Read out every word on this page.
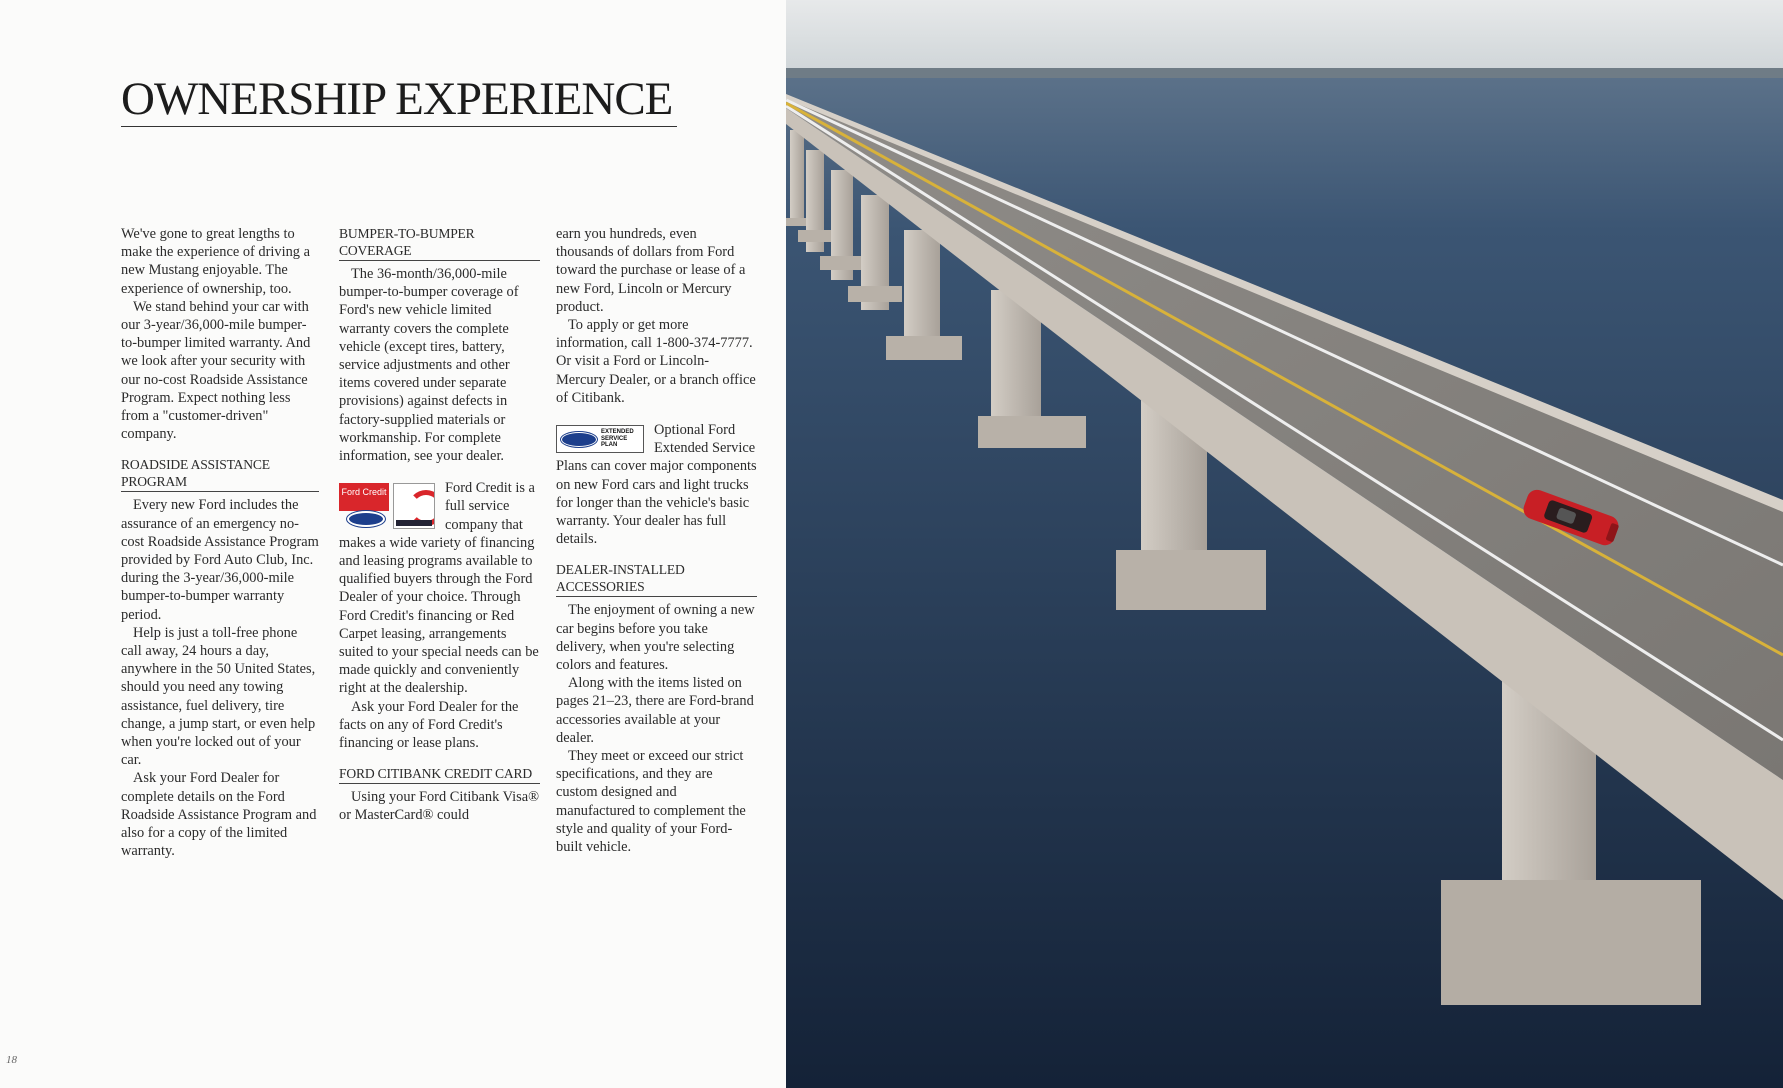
OWNERSHIP EXPERIENCE

We've gone to great lengths to make the experience of driving a new Mustang enjoyable. The experience of ownership, too.

We stand behind your car with our 3-year/36,000-mile bumper-to-bumper limited warranty. And we look after your security with our no-cost Roadside Assistance Program. Expect nothing less from a "customer-driven" company.

ROADSIDE ASSISTANCE PROGRAM

Every new Ford includes the assurance of an emergency no-cost Roadside Assistance Program provided by Ford Auto Club, Inc. during the 3-year/36,000-mile bumper-to-bumper warranty period.

Help is just a toll-free phone call away, 24 hours a day, anywhere in the 50 United States, should you need any towing assistance, fuel delivery, tire change, a jump start, or even help when you're locked out of your car.

Ask your Ford Dealer for complete details on the Ford Roadside Assistance Program and also for a copy of the limited warranty.

BUMPER-TO-BUMPER COVERAGE

The 36-month/36,000-mile bumper-to-bumper coverage of Ford's new vehicle limited warranty covers the complete vehicle (except tires, battery, service adjustments and other items covered under separate provisions) against defects in factory-supplied materials or workmanship. For complete information, see your dealer.

Ford Credit	Ford Credit is a full service company that makes a wide variety of financing and leasing programs available to qualified buyers through the Ford Dealer of your choice. Through Ford Credit's financing or Red Carpet leasing, arrangements suited to your special needs can be made quickly and conveniently right at the dealership.

Ask your Ford Dealer for the facts on any of Ford Credit's financing or lease plans.

FORD CITIBANK CREDIT CARD

Using your Ford Citibank Visa® or MasterCard® could

earn you hundreds, even thousands of dollars from Ford toward the purchase or lease of a new Ford, Lincoln or Mercury product.

To apply or get more information, call 1-800-374-7777. Or visit a Ford or Lincoln-Mercury Dealer, or a branch office of Citibank.

EXTENDED SERVICE PLAN

Optional Ford Extended Service Plans can cover major components on new Ford cars and light trucks for longer than the vehicle's basic warranty. Your dealer has full details.

DEALER-INSTALLED ACCESSORIES

The enjoyment of owning a new car begins before you take delivery, when you're selecting colors and features.

Along with the items listed on pages 21–23, there are Ford-brand accessories available at your dealer.

They meet or exceed our strict specifications, and they are custom designed and manufactured to complement the style and quality of your Ford-built vehicle.

18
